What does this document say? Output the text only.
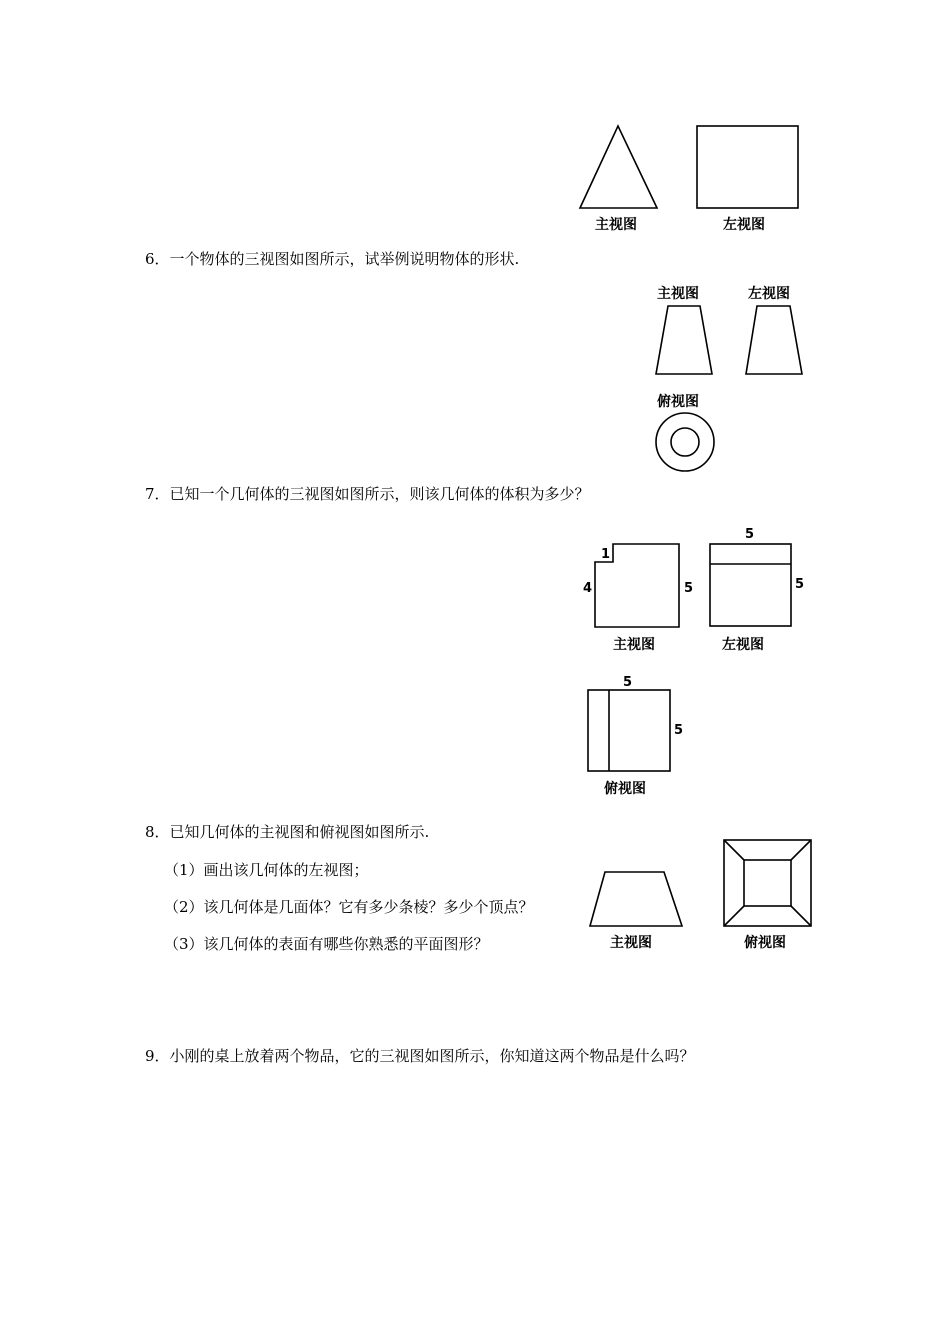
主视图	左视图
6．一个物体的三视图如图所示，试举例说明物体的形状.
主视图	左视图
俯视图
7．已知一个几何体的三视图如图所示，则该几何体的体积为多少？
1
4	5
主视图
5
5
左视图
5
5
俯视图
8．已知几何体的主视图和俯视图如图所示.
（1）画出该几何体的左视图；
（2）该几何体是几面体？它有多少条棱？多少个顶点？
（3）该几何体的表面有哪些你熟悉的平面图形？	主视图	俯视图
9．小刚的桌上放着两个物品，它的三视图如图所示，你知道这两个物品是什么吗？
